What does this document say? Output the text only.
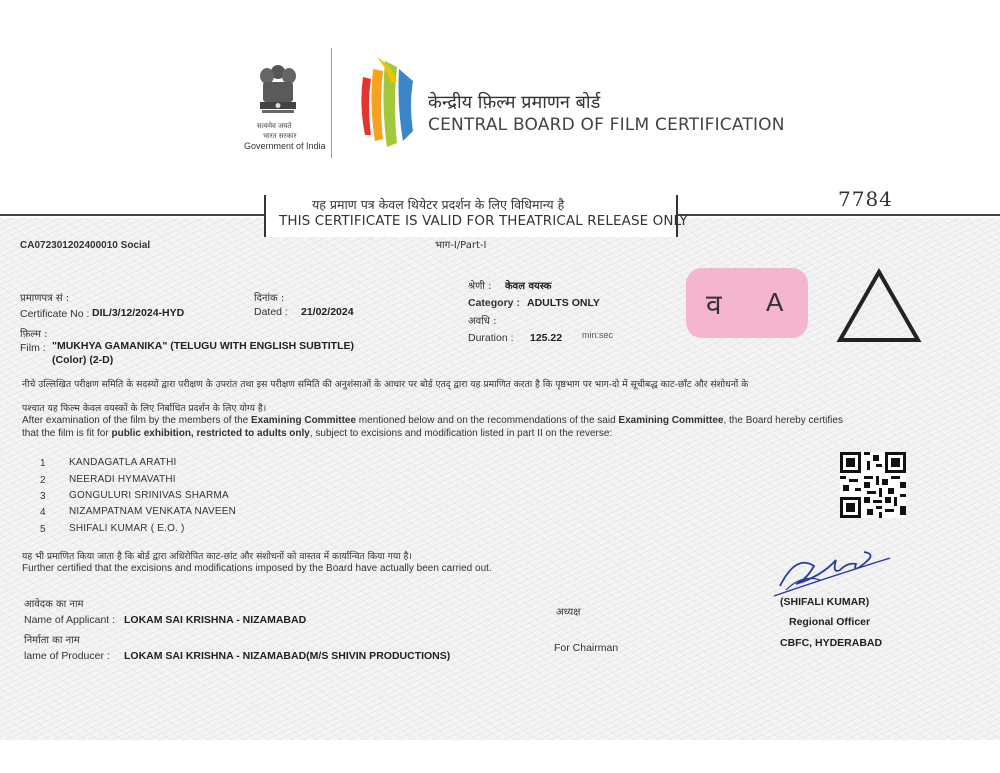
सत्यमेव जयते
भारत सरकार
Government of India
केन्द्रीय फ़िल्म प्रमाणन बोर्ड
CENTRAL BOARD OF FILM CERTIFICATION
यह प्रमाण पत्र केवल थियेटर प्रदर्शन के लिए विधिमान्य है
THIS CERTIFICATE IS VALID FOR THEATRICAL RELEASE ONLY
भाग-I/Part-I
7784
CA072301202400010 Social
प्रमाणपत्र सं :
Certificate No : DIL/3/12/2024-HYD
दिनांक :
Dated : 21/02/2024
श्रेणी : केवल वयस्क
Category : ADULTS ONLY
अवधि :
Duration : 125.22 min:sec
फ़िल्म :
Film : "MUKHYA GAMANIKA" (TELUGU WITH ENGLISH SUBTITLE)
(Color) (2-D)
व A
नीचे उल्लिखित परीक्षण समिति के सदस्यों द्वारा परीक्षण के उपरांत तथा इस परीक्षण समिति की अनुशंसाओं के आधार पर बोर्ड एतद् द्वारा यह प्रमाणित करता है कि पृष्ठभाग पर भाग-दो में सूचीबद्ध काट-छाँट और संशोधनों के
पश्चात यह फिल्म केवल वयस्कों के लिए निर्बाधित प्रदर्शन के लिए योग्य है।
After examination of the film by the members of the Examining Committee mentioned below and on the recommendations of the said Examining Committee, the Board hereby certifies
that the film is fit for public exhibition, restricted to adults only, subject to excisions and modification listed in part II on the reverse:
1 KANDAGATLA ARATHI
2 NEERADI HYMAVATHI
3 GONGULURI SRINIVAS SHARMA
4 NIZAMPATNAM VENKATA NAVEEN
5 SHIFALI KUMAR ( E.O. )
यह भी प्रमाणित किया जाता है कि बोर्ड द्वारा अधिरोपित काट-छांट और संशोधनों को वास्तव में कार्यान्वित किया गया है।
Further certified that the excisions and modifications imposed by the Board have actually been carried out.
आवेदक का नाम
Name of Applicant : LOKAM SAI KRISHNA - NIZAMABAD
निर्माता का नाम
lame of Producer : LOKAM SAI KRISHNA - NIZAMABAD(M/S SHIVIN PRODUCTIONS)
अध्यक्ष
For Chairman
(SHIFALI KUMAR)
Regional Officer
CBFC, HYDERABAD
